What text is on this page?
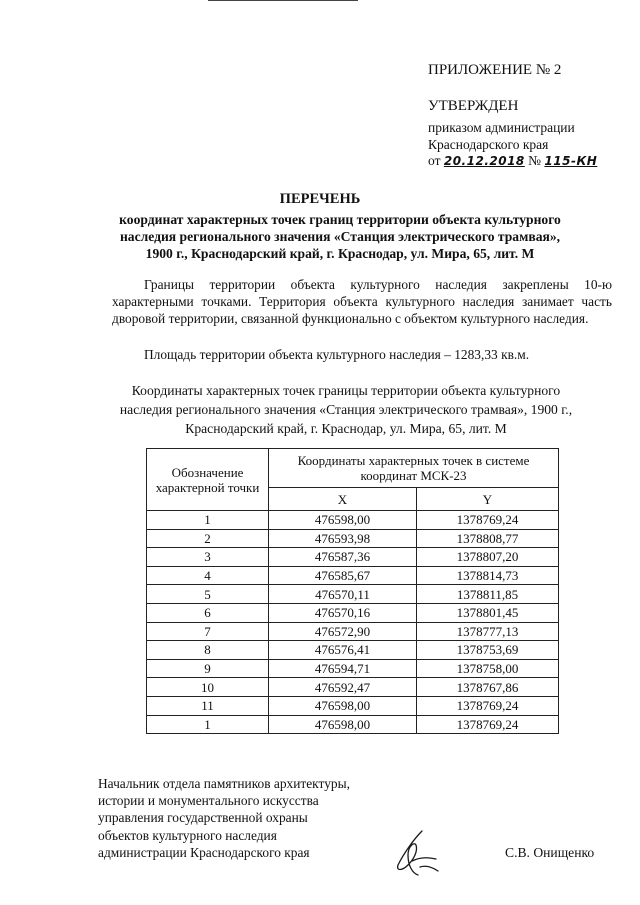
ПРИЛОЖЕНИЕ № 2
УТВЕРЖДЕН
приказом администрации
Краснодарского края
от 20.12.2018 № 115-КН
ПЕРЕЧЕНЬ
координат характерных точек границ территории объекта культурного
наследия регионального значения «Станция электрического трамвая»,
1900 г., Краснодарский край, г. Краснодар, ул. Мира, 65, лит. М
Границы территории объекта культурного наследия закреплены 10-ю характерными точками. Территория объекта культурного наследия занимает часть дворовой территории, связанной функционально с объектом культурного наследия.
Площадь территории объекта культурного наследия – 1283,33 кв.м.
Координаты характерных точек границы территории объекта культурного
наследия регионального значения «Станция электрического трамвая», 1900 г.,
Краснодарский край, г. Краснодар, ул. Мира, 65, лит. М
Обозначение характерной точки	Координаты характерных точек в системе координат МСК-23	
	X	Y
1	476598,00	1378769,24
2	476593,98	1378808,77
3	476587,36	1378807,20
4	476585,67	1378814,73
5	476570,11	1378811,85
6	476570,16	1378801,45
7	476572,90	1378777,13
8	476576,41	1378753,69
9	476594,71	1378758,00
10	476592,47	1378767,86
11	476598,00	1378769,24
1	476598,00	1378769,24
Начальник отдела памятников архитектуры,
истории и монументального искусства
управления государственной охраны
объектов культурного наследия
администрации Краснодарского края	С.В. Онищенко
